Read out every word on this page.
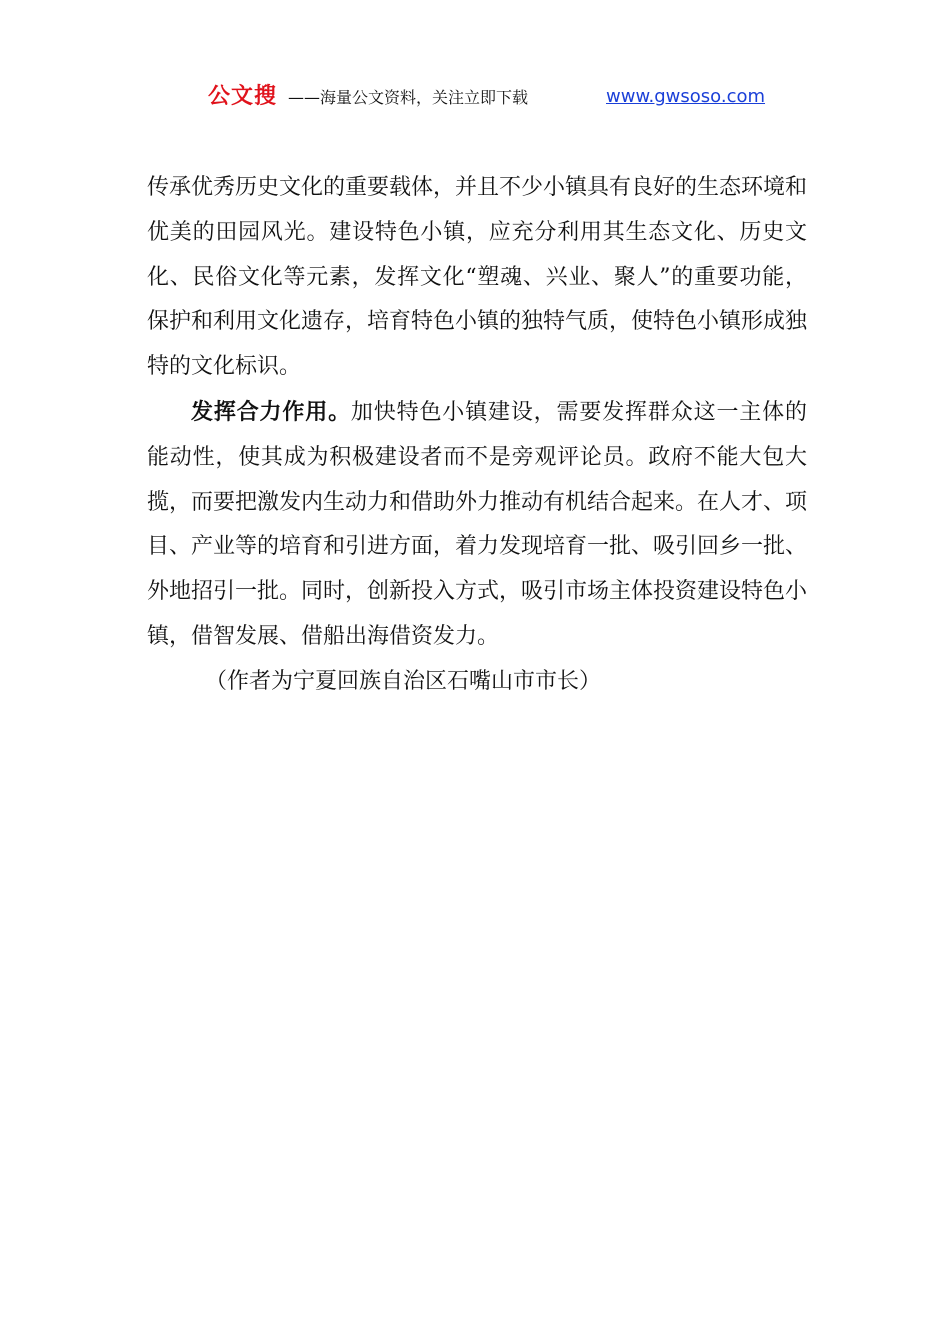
公文搜 ——海量公文资料，关注立即下载	www.gwsoso.com

传承优秀历史文化的重要载体，并且不少小镇具有良好的生态环境和优美的田园风光。建设特色小镇，应充分利用其生态文化、历史文化、民俗文化等元素，发挥文化“塑魂、兴业、聚人”的重要功能，保护和利用文化遗存，培育特色小镇的独特气质，使特色小镇形成独特的文化标识。

发挥合力作用。加快特色小镇建设，需要发挥群众这一主体的能动性，使其成为积极建设者而不是旁观评论员。政府不能大包大揽，而要把激发内生动力和借助外力推动有机结合起来。在人才、项目、产业等的培育和引进方面，着力发现培育一批、吸引回乡一批、外地招引一批。同时，创新投入方式，吸引市场主体投资建设特色小镇，借智发展、借船出海借资发力。

（作者为宁夏回族自治区石嘴山市市长）
